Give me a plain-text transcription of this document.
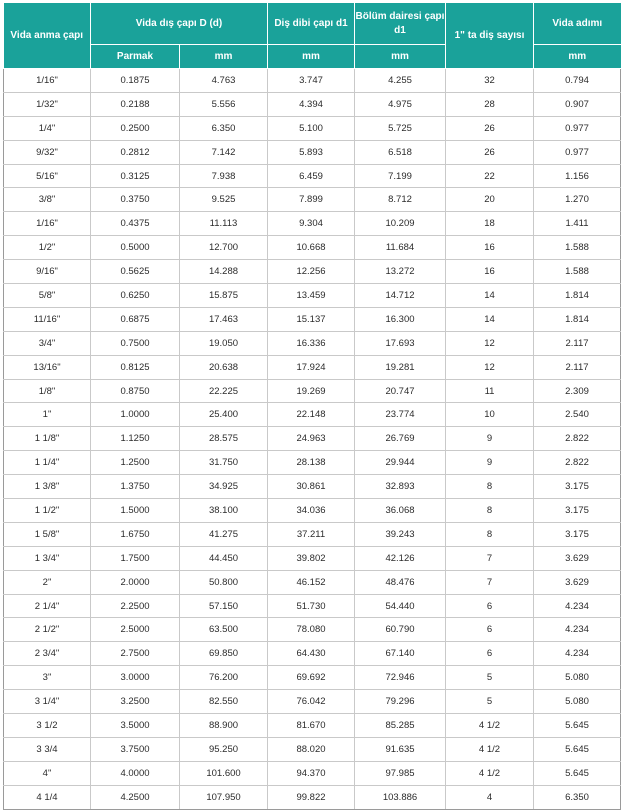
Vida anma çapı	Vida dış çapı D (d)		Diş dibi çapı d1	Bölüm dairesi çapı d1	1" ta diş sayısı	Vida adımı
	Parmak	mm	mm	mm		mm
1/16"	0.1875	4.763	3.747	4.255	32	0.794
1/32"	0.2188	5.556	4.394	4.975	28	0.907
1/4"	0.2500	6.350	5.100	5.725	26	0.977
9/32"	0.2812	7.142	5.893	6.518	26	0.977
5/16"	0.3125	7.938	6.459	7.199	22	1.156
3/8"	0.3750	9.525	7.899	8.712	20	1.270
1/16"	0.4375	11.113	9.304	10.209	18	1.411
1/2"	0.5000	12.700	10.668	11.684	16	1.588
9/16"	0.5625	14.288	12.256	13.272	16	1.588
5/8"	0.6250	15.875	13.459	14.712	14	1.814
11/16"	0.6875	17.463	15.137	16.300	14	1.814
3/4"	0.7500	19.050	16.336	17.693	12	2.117
13/16"	0.8125	20.638	17.924	19.281	12	2.117
1/8"	0.8750	22.225	19.269	20.747	11	2.309
1"	1.0000	25.400	22.148	23.774	10	2.540
1 1/8"	1.1250	28.575	24.963	26.769	9	2.822
1 1/4"	1.2500	31.750	28.138	29.944	9	2.822
1 3/8"	1.3750	34.925	30.861	32.893	8	3.175
1 1/2"	1.5000	38.100	34.036	36.068	8	3.175
1 5/8"	1.6750	41.275	37.211	39.243	8	3.175
1 3/4"	1.7500	44.450	39.802	42.126	7	3.629
2"	2.0000	50.800	46.152	48.476	7	3.629
2 1/4"	2.2500	57.150	51.730	54.440	6	4.234
2 1/2"	2.5000	63.500	78.080	60.790	6	4.234
2 3/4"	2.7500	69.850	64.430	67.140	6	4.234
3"	3.0000	76.200	69.692	72.946	5	5.080
3 1/4"	3.2500	82.550	76.042	79.296	5	5.080
3 1/2	3.5000	88.900	81.670	85.285	4 1/2	5.645
3 3/4	3.7500	95.250	88.020	91.635	4 1/2	5.645
4"	4.0000	101.600	94.370	97.985	4 1/2	5.645
4 1/4	4.2500	107.950	99.822	103.886	4	6.350
